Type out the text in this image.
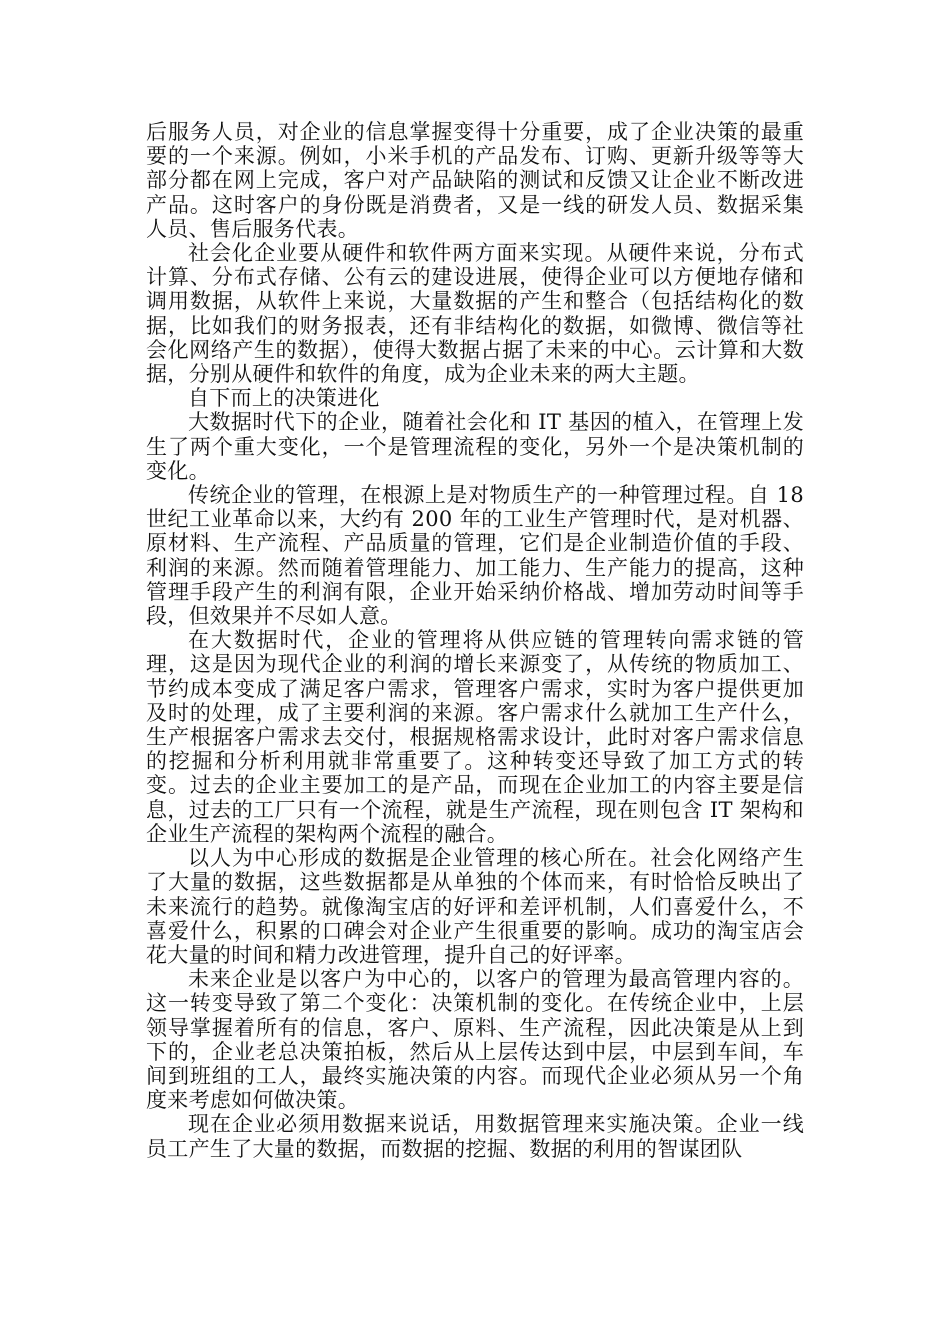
后服务人员，对企业的信息掌握变得十分重要，成了企业决策的最重要的一个来源。例如，小米手机的产品发布、订购、更新升级等等大部分都在网上完成，客户对产品缺陷的测试和反馈又让企业不断改进产品。这时客户的身份既是消费者，又是一线的研发人员、数据采集人员、售后服务代表。

社会化企业要从硬件和软件两方面来实现。从硬件来说，分布式计算、分布式存储、公有云的建设进展，使得企业可以方便地存储和调用数据，从软件上来说，大量数据的产生和整合（包括结构化的数据，比如我们的财务报表，还有非结构化的数据，如微博、微信等社会化网络产生的数据），使得大数据占据了未来的中心。云计算和大数据，分别从硬件和软件的角度，成为企业未来的两大主题。

自下而上的决策进化

大数据时代下的企业，随着社会化和 IT 基因的植入，在管理上发生了两个重大变化，一个是管理流程的变化，另外一个是决策机制的变化。

传统企业的管理，在根源上是对物质生产的一种管理过程。自 18 世纪工业革命以来，大约有 200 年的工业生产管理时代，是对机器、原材料、生产流程、产品质量的管理，它们是企业制造价值的手段、利润的来源。然而随着管理能力、加工能力、生产能力的提高，这种管理手段产生的利润有限，企业开始采纳价格战、增加劳动时间等手段，但效果并不尽如人意。

在大数据时代，企业的管理将从供应链的管理转向需求链的管理，这是因为现代企业的利润的增长来源变了，从传统的物质加工、节约成本变成了满足客户需求，管理客户需求，实时为客户提供更加及时的处理，成了主要利润的来源。客户需求什么就加工生产什么，生产根据客户需求去交付，根据规格需求设计，此时对客户需求信息的挖掘和分析利用就非常重要了。这种转变还导致了加工方式的转变。过去的企业主要加工的是产品，而现在企业加工的内容主要是信息，过去的工厂只有一个流程，就是生产流程，现在则包含 IT 架构和企业生产流程的架构两个流程的融合。

以人为中心形成的数据是企业管理的核心所在。社会化网络产生了大量的数据，这些数据都是从单独的个体而来，有时恰恰反映出了未来流行的趋势。就像淘宝店的好评和差评机制，人们喜爱什么，不喜爱什么，积累的口碑会对企业产生很重要的影响。成功的淘宝店会花大量的时间和精力改进管理，提升自己的好评率。

未来企业是以客户为中心的，以客户的管理为最高管理内容的。这一转变导致了第二个变化：决策机制的变化。在传统企业中，上层领导掌握着所有的信息，客户、原料、生产流程，因此决策是从上到下的，企业老总决策拍板，然后从上层传达到中层，中层到车间，车间到班组的工人，最终实施决策的内容。而现代企业必须从另一个角度来考虑如何做决策。

现在企业必须用数据来说话，用数据管理来实施决策。企业一线员工产生了大量的数据，而数据的挖掘、数据的利用的智谋团队
